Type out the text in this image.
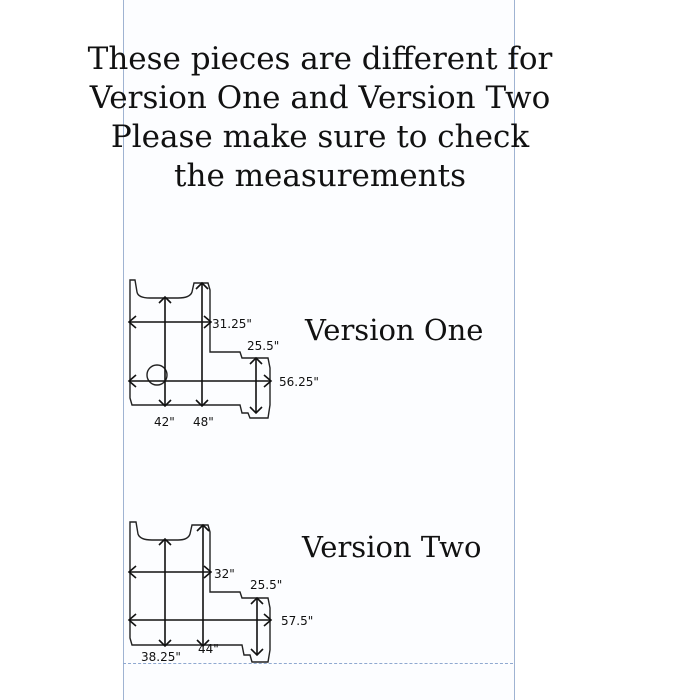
These pieces are different for
Version One and Version Two
Please make sure to check
the measurements
Version One
Version Two
31.25"
25.5"
56.25"
42" 48"
32"
25.5"
57.5"
38.25"
44"
